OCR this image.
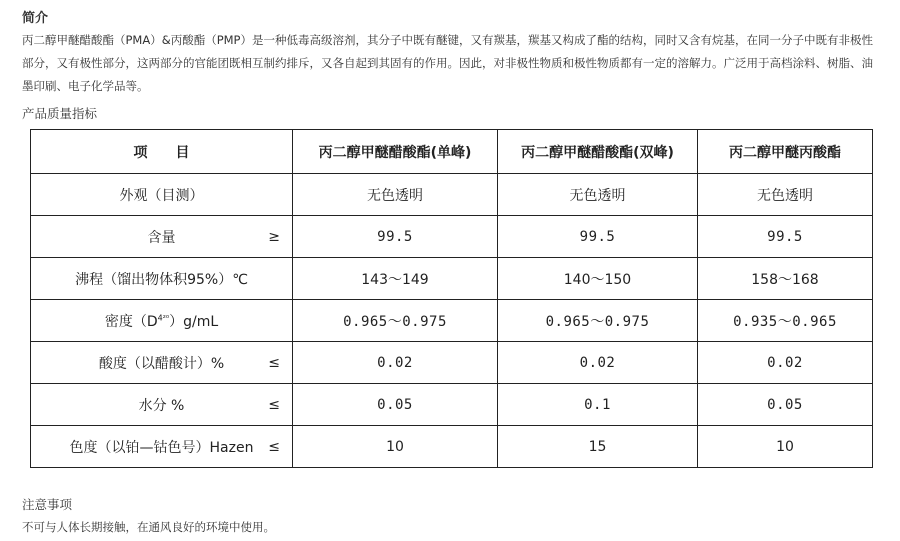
简介
丙二醇甲醚醋酸酯（PMA）&丙酸酯（PMP）是一种低毒高级溶剂，其分子中既有醚键，又有羰基，羰基又构成了酯的结构，同时又含有烷基，在同一分子中既有非极性部分，又有极性部分，这两部分的官能团既相互制约排斥，又各自起到其固有的作用。因此，对非极性物质和极性物质都有一定的溶解力。广泛用于高档涂料、树脂、油墨印刷、电子化学品等。
产品质量指标
项　　目	丙二醇甲醚醋酸酯(单峰)	丙二醇甲醚醋酸酯(双峰)	丙二醇甲醚丙酸酯

外观（目测）	无色透明	无色透明	无色透明

含量 ≥	99.5	99.5	99.5

沸程（馏出物体积95%）℃	143～149	140～150	158～168

密度$(D^{4^{20}})g/mL$	0.965～0.975	0.965～0.975	0.935～0.965

酸度（以醋酸计）% ≤	0.02	0.02	0.02

水分 % ≤	0.05	0.1	0.05

色度（以铂—钴色号）Hazen ≤	10	15	10
注意事项
不可与人体长期接触，在通风良好的环境中使用。
